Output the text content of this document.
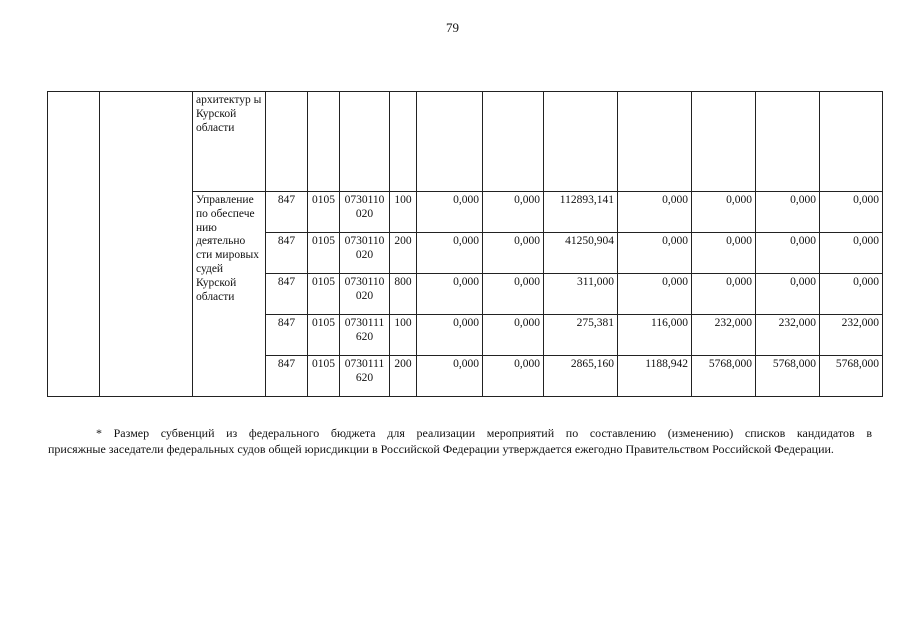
79
		архитектур ы Курской области											
		Управление по обеспече нию деятельно сти мировых судей Курской области	847	0105	0730110 020	100	0,000	0,000	112893,141	0,000	0,000	0,000	0,000
			847	0105	0730110 020	200	0,000	0,000	41250,904	0,000	0,000	0,000	0,000
			847	0105	0730110 020	800	0,000	0,000	311,000	0,000	0,000	0,000	0,000
			847	0105	0730111 620	100	0,000	0,000	275,381	116,000	232,000	232,000	232,000
			847	0105	0730111 620	200	0,000	0,000	2865,160	1188,942	5768,000	5768,000	5768,000
* Размер субвенций из федерального бюджета для реализации мероприятий по составлению (изменению) списков кандидатов в
присяжные заседатели федеральных судов общей юрисдикции в Российской Федерации утверждается ежегодно Правительством Российской Федерации.
